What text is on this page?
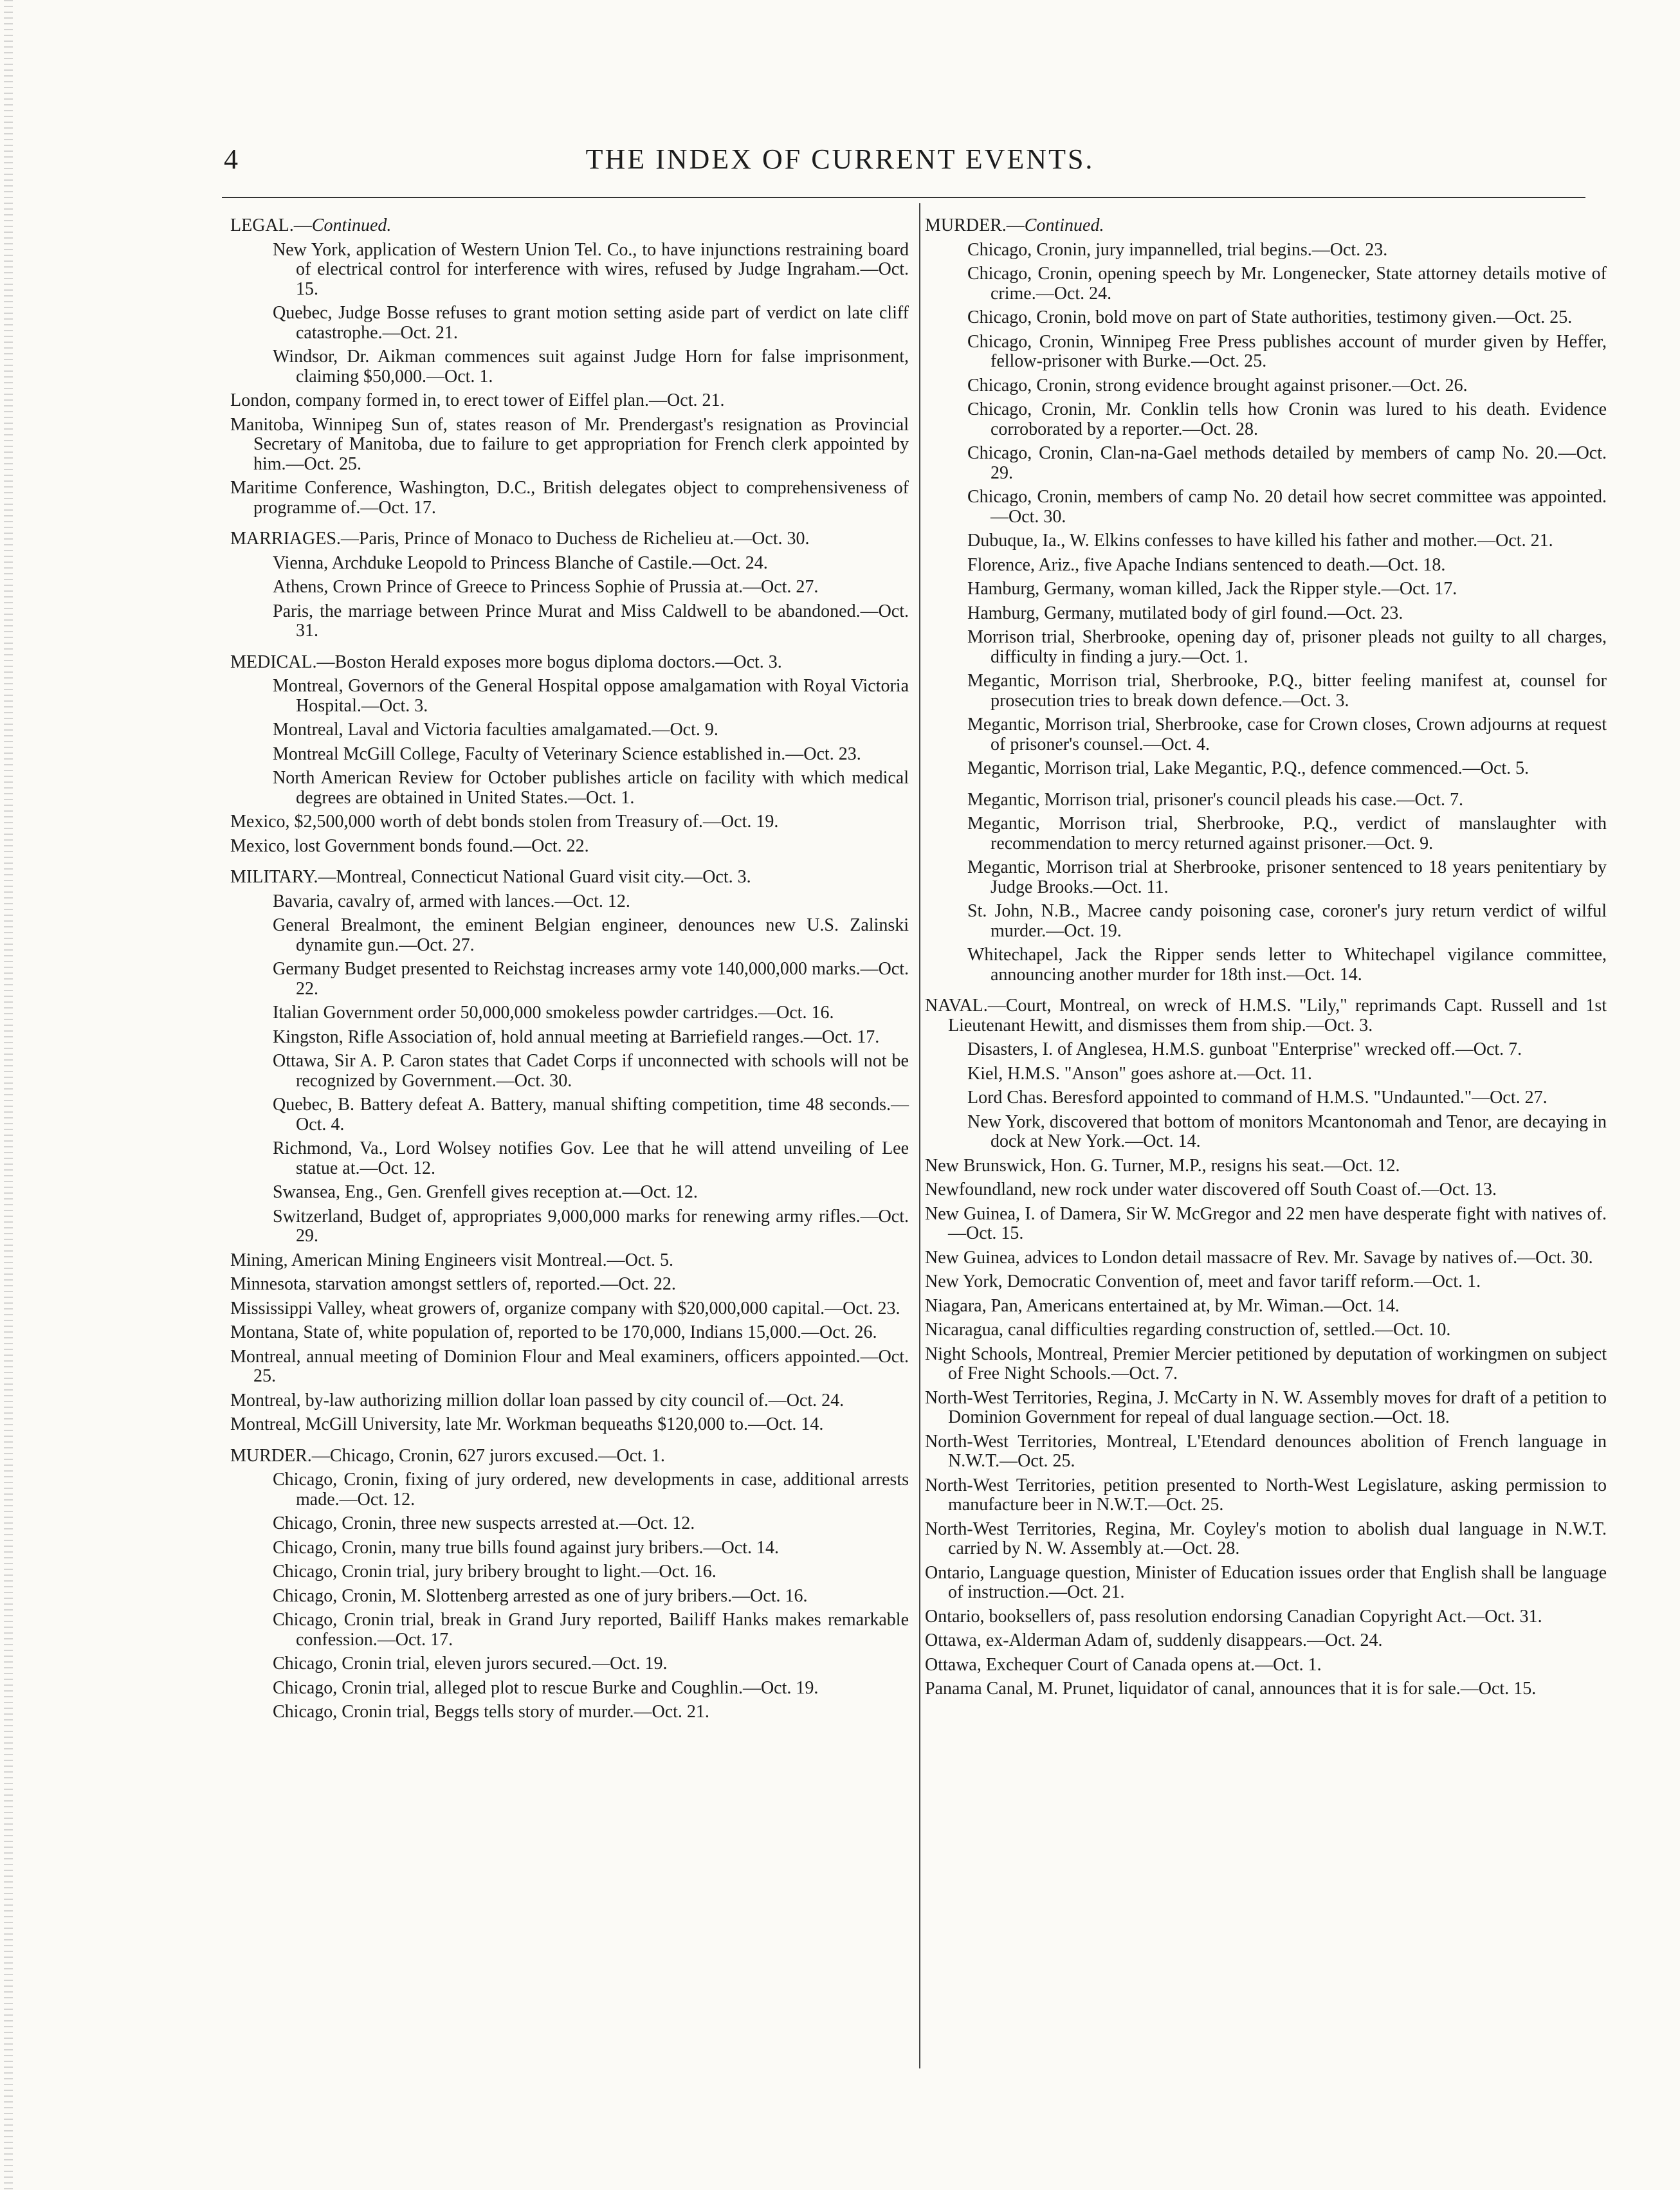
4	THE INDEX OF CURRENT EVENTS.
LEGAL.—Continued.
New York, application of Western Union Tel. Co., to have injunctions restraining board of electrical control for interference with wires, refused by Judge Ingraham.—Oct. 15.
Quebec, Judge Bosse refuses to grant motion setting aside part of verdict on late cliff catastrophe.—Oct. 21.
Windsor, Dr. Aikman commences suit against Judge Horn for false imprisonment, claiming $50,000.—Oct. 1.
London, company formed in, to erect tower of Eiffel plan.—Oct. 21.
Manitoba, Winnipeg Sun of, states reason of Mr. Prendergast's resignation as Provincial Secretary of Manitoba, due to failure to get appropriation for French clerk appointed by him.—Oct. 25.
Maritime Conference, Washington, D.C., British delegates object to comprehensiveness of programme of.—Oct. 17.
MARRIAGES.—Paris, Prince of Monaco to Duchess de Richelieu at.—Oct. 30.
Vienna, Archduke Leopold to Princess Blanche of Castile.—Oct. 24.
Athens, Crown Prince of Greece to Princess Sophie of Prussia at.—Oct. 27.
Paris, the marriage between Prince Murat and Miss Caldwell to be abandoned.—Oct. 31.
MEDICAL.—Boston Herald exposes more bogus diploma doctors.—Oct. 3.
Montreal, Governors of the General Hospital oppose amalgamation with Royal Victoria Hospital.—Oct. 3.
Montreal, Laval and Victoria faculties amalgamated.—Oct. 9.
Montreal McGill College, Faculty of Veterinary Science established in.—Oct. 23.
North American Review for October publishes article on facility with which medical degrees are obtained in United States.—Oct. 1.
Mexico, $2,500,000 worth of debt bonds stolen from Treasury of.—Oct. 19.
Mexico, lost Government bonds found.—Oct. 22.
MILITARY.—Montreal, Connecticut National Guard visit city.—Oct. 3.
Bavaria, cavalry of, armed with lances.—Oct. 12.
General Brealmont, the eminent Belgian engineer, denounces new U.S. Zalinski dynamite gun.—Oct. 27.
Germany Budget presented to Reichstag increases army vote 140,000,000 marks.—Oct. 22.
Italian Government order 50,000,000 smokeless powder cartridges.—Oct. 16.
Kingston, Rifle Association of, hold annual meeting at Barriefield ranges.—Oct. 17.
Ottawa, Sir A. P. Caron states that Cadet Corps if unconnected with schools will not be recognized by Government.—Oct. 30.
Quebec, B. Battery defeat A. Battery, manual shifting competition, time 48 seconds.—Oct. 4.
Richmond, Va., Lord Wolsey notifies Gov. Lee that he will attend unveiling of Lee statue at.—Oct. 12.
Swansea, Eng., Gen. Grenfell gives reception at.—Oct. 12.
Switzerland, Budget of, appropriates 9,000,000 marks for renewing army rifles.—Oct. 29.
Mining, American Mining Engineers visit Montreal.—Oct. 5.
Minnesota, starvation amongst settlers of, reported.—Oct. 22.
Mississippi Valley, wheat growers of, organize company with $20,000,000 capital.—Oct. 23.
Montana, State of, white population of, reported to be 170,000, Indians 15,000.—Oct. 26.
Montreal, annual meeting of Dominion Flour and Meal examiners, officers appointed.—Oct. 25.
Montreal, by-law authorizing million dollar loan passed by city council of.—Oct. 24.
Montreal, McGill University, late Mr. Workman bequeaths $120,000 to.—Oct. 14.
MURDER.—Chicago, Cronin, 627 jurors excused.—Oct. 1.
Chicago, Cronin, fixing of jury ordered, new developments in case, additional arrests made.—Oct. 12.
Chicago, Cronin, three new suspects arrested at.—Oct. 12.
Chicago, Cronin, many true bills found against jury bribers.—Oct. 14.
Chicago, Cronin trial, jury bribery brought to light.—Oct. 16.
Chicago, Cronin, M. Slottenberg arrested as one of jury bribers.—Oct. 16.
Chicago, Cronin trial, break in Grand Jury reported, Bailiff Hanks makes remarkable confession.—Oct. 17.
Chicago, Cronin trial, eleven jurors secured.—Oct. 19.
Chicago, Cronin trial, alleged plot to rescue Burke and Coughlin.—Oct. 19.
Chicago, Cronin trial, Beggs tells story of murder.—Oct. 21.
MURDER.—Continued.
Chicago, Cronin, jury impannelled, trial begins.—Oct. 23.
Chicago, Cronin, opening speech by Mr. Longenecker, State attorney details motive of crime.—Oct. 24.
Chicago, Cronin, bold move on part of State authorities, testimony given.—Oct. 25.
Chicago, Cronin, Winnipeg Free Press publishes account of murder given by Heffer, fellow-prisoner with Burke.—Oct. 25.
Chicago, Cronin, strong evidence brought against prisoner.—Oct. 26.
Chicago, Cronin, Mr. Conklin tells how Cronin was lured to his death. Evidence corroborated by a reporter.—Oct. 28.
Chicago, Cronin, Clan-na-Gael methods detailed by members of camp No. 20.—Oct. 29.
Chicago, Cronin, members of camp No. 20 detail how secret committee was appointed.—Oct. 30.
Dubuque, Ia., W. Elkins confesses to have killed his father and mother.—Oct. 21.
Florence, Ariz., five Apache Indians sentenced to death.—Oct. 18.
Hamburg, Germany, woman killed, Jack the Ripper style.—Oct. 17.
Hamburg, Germany, mutilated body of girl found.—Oct. 23.
Morrison trial, Sherbrooke, opening day of, prisoner pleads not guilty to all charges, difficulty in finding a jury.—Oct. 1.
Megantic, Morrison trial, Sherbrooke, P.Q., bitter feeling manifest at, counsel for prosecution tries to break down defence.—Oct. 3.
Megantic, Morrison trial, Sherbrooke, case for Crown closes, Crown adjourns at request of prisoner's counsel.—Oct. 4.
Megantic, Morrison trial, Lake Megantic, P.Q., defence commenced.—Oct. 5.
Megantic, Morrison trial, prisoner's council pleads his case.—Oct. 7.
Megantic, Morrison trial, Sherbrooke, P.Q., verdict of manslaughter with recommendation to mercy returned against prisoner.—Oct. 9.
Megantic, Morrison trial at Sherbrooke, prisoner sentenced to 18 years penitentiary by Judge Brooks.—Oct. 11.
St. John, N.B., Macree candy poisoning case, coroner's jury return verdict of wilful murder.—Oct. 19.
Whitechapel, Jack the Ripper sends letter to Whitechapel vigilance committee, announcing another murder for 18th inst.—Oct. 14.
NAVAL.—Court, Montreal, on wreck of H.M.S. "Lily," reprimands Capt. Russell and 1st Lieutenant Hewitt, and dismisses them from ship.—Oct. 3.
Disasters, I. of Anglesea, H.M.S. gunboat "Enterprise" wrecked off.—Oct. 7.
Kiel, H.M.S. "Anson" goes ashore at.—Oct. 11.
Lord Chas. Beresford appointed to command of H.M.S. "Undaunted."—Oct. 27.
New York, discovered that bottom of monitors Mcantonomah and Tenor, are decaying in dock at New York.—Oct. 14.
New Brunswick, Hon. G. Turner, M.P., resigns his seat.—Oct. 12.
Newfoundland, new rock under water discovered off South Coast of.—Oct. 13.
New Guinea, I. of Damera, Sir W. McGregor and 22 men have desperate fight with natives of.—Oct. 15.
New Guinea, advices to London detail massacre of Rev. Mr. Savage by natives of.—Oct. 30.
New York, Democratic Convention of, meet and favor tariff reform.—Oct. 1.
Niagara, Pan, Americans entertained at, by Mr. Wiman.—Oct. 14.
Nicaragua, canal difficulties regarding construction of, settled.—Oct. 10.
Night Schools, Montreal, Premier Mercier petitioned by deputation of workingmen on subject of Free Night Schools.—Oct. 7.
North-West Territories, Regina, J. McCarty in N. W. Assembly moves for draft of a petition to Dominion Government for repeal of dual language section.—Oct. 18.
North-West Territories, Montreal, L'Etendard denounces abolition of French language in N.W.T.—Oct. 25.
North-West Territories, petition presented to North-West Legislature, asking permission to manufacture beer in N.W.T.—Oct. 25.
North-West Territories, Regina, Mr. Coyley's motion to abolish dual language in N.W.T. carried by N. W. Assembly at.—Oct. 28.
Ontario, Language question, Minister of Education issues order that English shall be language of instruction.—Oct. 21.
Ontario, booksellers of, pass resolution endorsing Canadian Copyright Act.—Oct. 31.
Ottawa, ex-Alderman Adam of, suddenly disappears.—Oct. 24.
Ottawa, Exchequer Court of Canada opens at.—Oct. 1.
Panama Canal, M. Prunet, liquidator of canal, announces that it is for sale.—Oct. 15.
